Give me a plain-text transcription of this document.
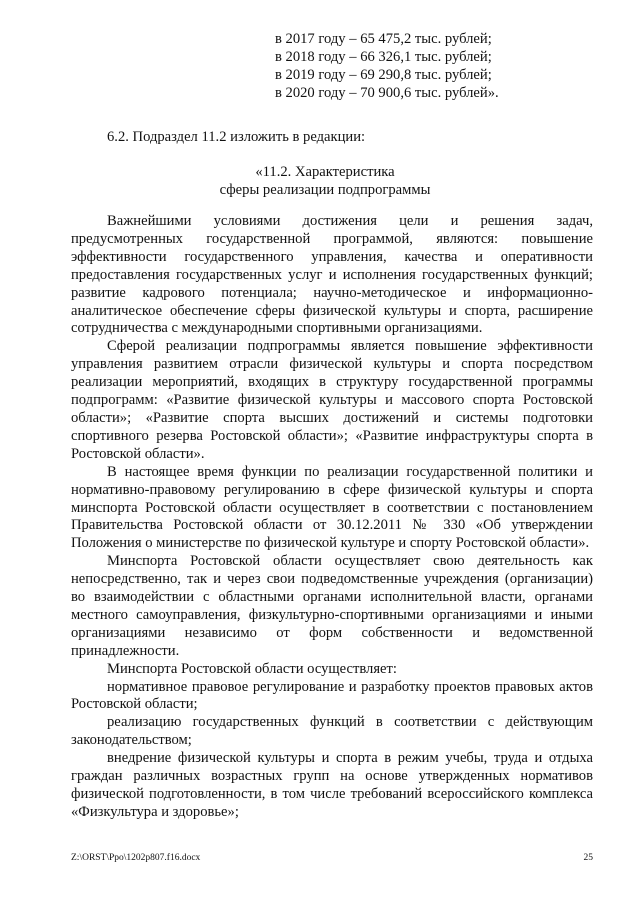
в 2017 году – 65 475,2 тыс. рублей;
в 2018 году – 66 326,1 тыс. рублей;
в 2019 году – 69 290,8 тыс. рублей;
в 2020 году – 70 900,6 тыс. рублей».
6.2. Подраздел 11.2 изложить в редакции:
«11.2. Характеристика
сферы реализации подпрограммы

Важнейшими условиями достижения цели и решения задач, предусмотренных государственной программой, являются: повышение эффективности государственного управления, качества и оперативности предоставления государственных услуг и исполнения государственных функций; развитие кадрового потенциала; научно-методическое и информационно-аналитическое обеспечение сферы физической культуры и спорта, расширение сотрудничества с международными спортивными организациями.

Сферой реализации подпрограммы является повышение эффективности управления развитием отрасли физической культуры и спорта посредством реализации мероприятий, входящих в структуру государственной программы подпрограмм: «Развитие физической культуры и массового спорта Ростовской области»; «Развитие спорта высших достижений и системы подготовки спортивного резерва Ростовской области»; «Развитие инфраструктуры спорта в Ростовской области».

В настоящее время функции по реализации государственной политики и нормативно-правовому регулированию в сфере физической культуры и спорта минспорта Ростовской области осуществляет в соответствии с постановлением Правительства Ростовской области от 30.12.2011 № 330 «Об утверждении Положения о министерстве по физической культуре и спорту Ростовской области».

Минспорта Ростовской области осуществляет свою деятельность как непосредственно, так и через свои подведомственные учреждения (организации) во взаимодействии с областными органами исполнительной власти, органами местного самоуправления, физкультурно-спортивными организациями и иными организациями независимо от форм собственности и ведомственной принадлежности.

Минспорта Ростовской области осуществляет:

нормативное правовое регулирование и разработку проектов правовых актов Ростовской области;

реализацию государственных функций в соответствии с действующим законодательством;

внедрение физической культуры и спорта в режим учебы, труда и отдыха граждан различных возрастных групп на основе утвержденных нормативов физической подготовленности, в том числе требований всероссийского комплекса «Физкультура и здоровье»;

Z:\ORST\Ppo\1202p807.f16.docx	25
